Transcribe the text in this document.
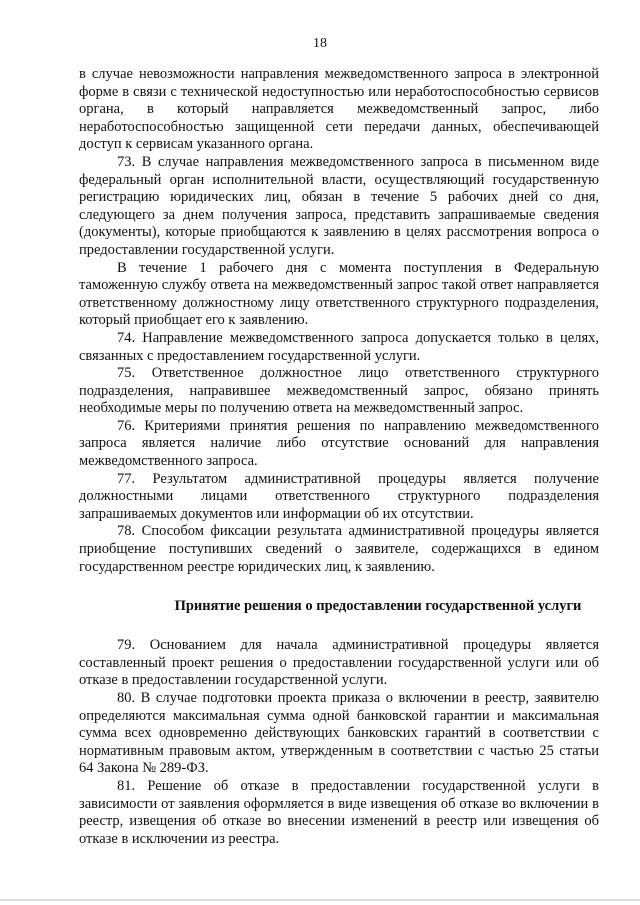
18

в случае невозможности направления межведомственного запроса в электронной форме в связи с технической недоступностью или неработоспособностью сервисов органа, в который направляется межведомственный запрос, либо неработоспособностью защищенной сети передачи данных, обеспечивающей доступ к сервисам указанного органа.

73. В случае направления межведомственного запроса в письменном виде федеральный орган исполнительной власти, осуществляющий государственную регистрацию юридических лиц, обязан в течение 5 рабочих дней со дня, следующего за днем получения запроса, представить запрашиваемые сведения (документы), которые приобщаются к заявлению в целях рассмотрения вопроса о предоставлении государственной услуги.

В течение 1 рабочего дня с момента поступления в Федеральную таможенную службу ответа на межведомственный запрос такой ответ направляется ответственному должностному лицу ответственного структурного подразделения, который приобщает его к заявлению.

74. Направление межведомственного запроса допускается только в целях, связанных с предоставлением государственной услуги.

75. Ответственное должностное лицо ответственного структурного подразделения, направившее межведомственный запрос, обязано принять необходимые меры по получению ответа на межведомственный запрос.

76. Критериями принятия решения по направлению межведомственного запроса является наличие либо отсутствие оснований для направления межведомственного запроса.

77. Результатом административной процедуры является получение должностными лицами ответственного структурного подразделения запрашиваемых документов или информации об их отсутствии.

78. Способом фиксации результата административной процедуры является приобщение поступивших сведений о заявителе, содержащихся в едином государственном реестре юридических лиц, к заявлению.

Принятие решения о предоставлении государственной услуги

79. Основанием для начала административной процедуры является составленный проект решения о предоставлении государственной услуги или об отказе в предоставлении государственной услуги.

80. В случае подготовки проекта приказа о включении в реестр, заявителю определяются максимальная сумма одной банковской гарантии и максимальная сумма всех одновременно действующих банковских гарантий в соответствии с нормативным правовым актом, утвержденным в соответствии с частью 25 статьи 64 Закона № 289-ФЗ.

81. Решение об отказе в предоставлении государственной услуги в зависимости от заявления оформляется в виде извещения об отказе во включении в реестр, извещения об отказе во внесении изменений в реестр или извещения об отказе в исключении из реестра.
